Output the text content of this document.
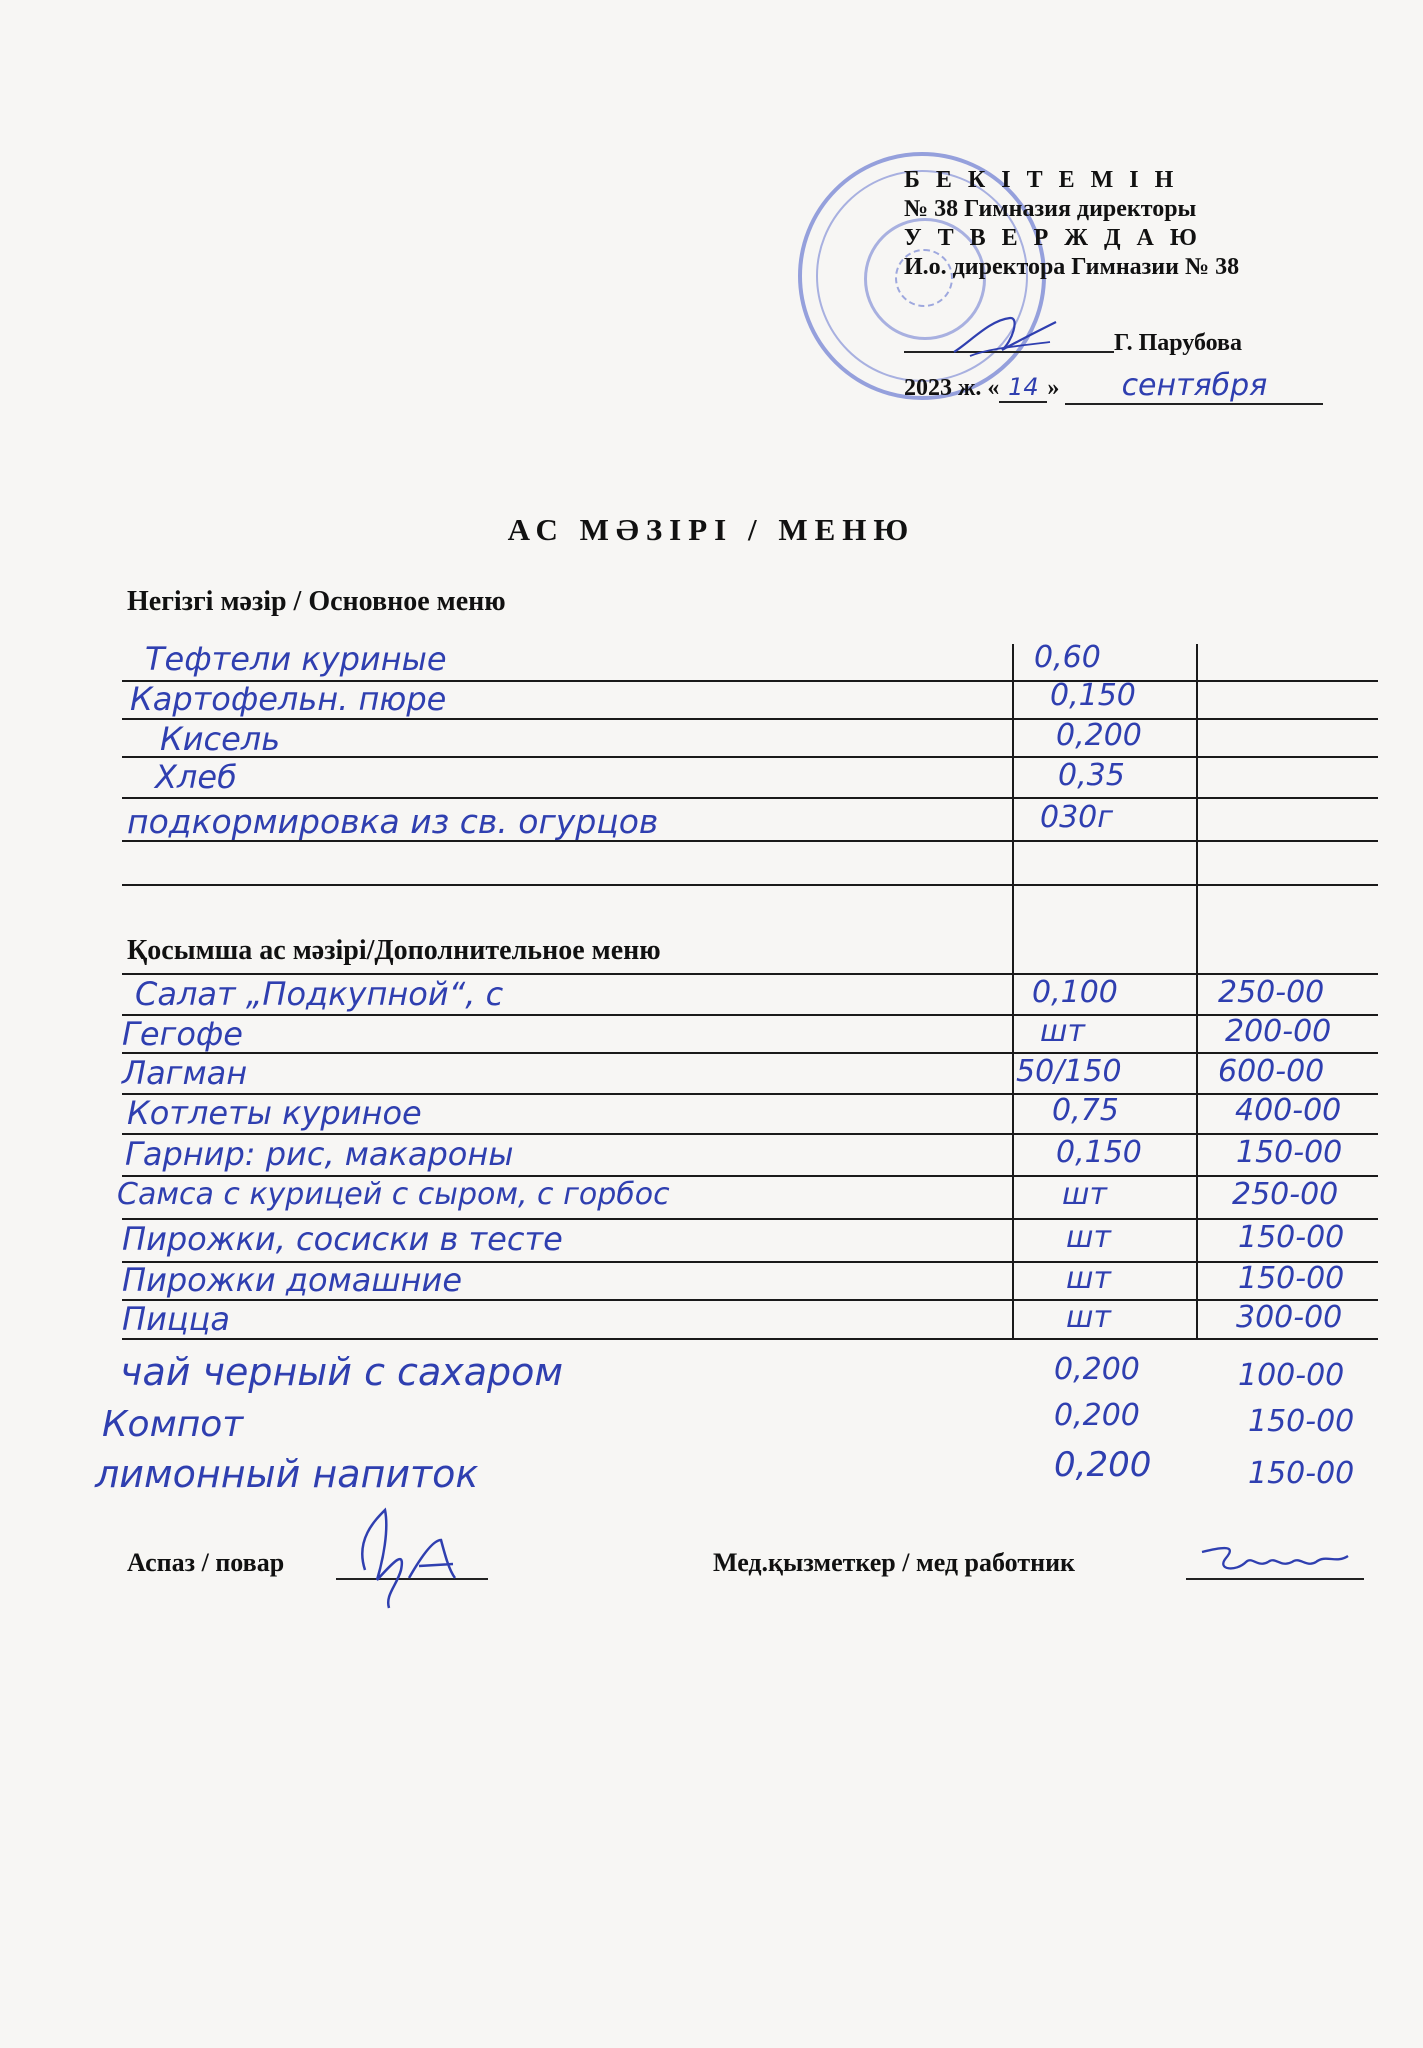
Б Е К І Т Е М І Н
№ 38 Гимназия директоры
У Т В Е Р Ж Д А Ю
И.о. директора Гимназии № 38
Г. Парубова
2023 ж. « 14 » сентября
АС МӘЗІРІ / МЕНЮ
Негізгі мәзір / Основное меню
Қосымша ас мәзірі/Дополнительное меню
Тефтели куриные	0,60
Картофельн. пюре	0,150
Кисель	0,200
Хлеб	0,35
подкормировка из св. огурцов	030г
Салат „Подкупной“, с	0,100	250-00
Гегофе	шт	200-00
Лагман	50/150	600-00
Котлеты куриное	0,75	400-00
Гарнир: рис, макароны	0,150	150-00
Самса с курицей с сыром, с горбос	шт	250-00
Пирожки, сосиски в тесте	шт	150-00
Пирожки домашние	шт	150-00
Пицца	шт	300-00
чай черный с сахаром	0,200	100-00
Компот	0,200	150-00
лимонный напиток	0,200	150-00
Аспаз / повар	Мед.қызметкер / мед работник
